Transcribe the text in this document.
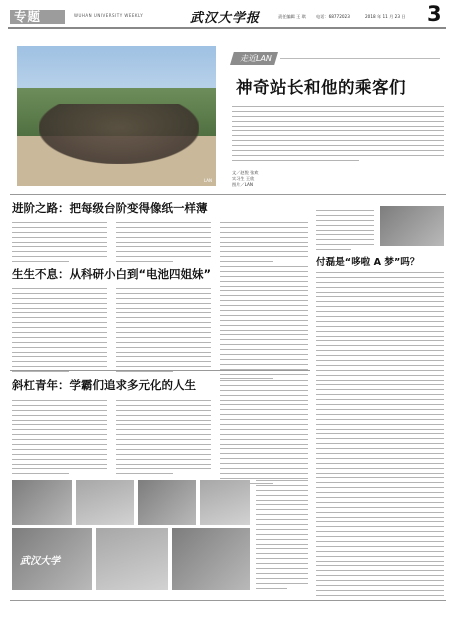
专题	WUHAN UNIVERSITY WEEKLY	武汉大学报	责任编辑 王 琪 电话：68772023	2018 年 11 月 23 日 3
LAN
走近LAN
神奇站长和他的乘客们
文／赵悦 张欢
实习生 王欣
图片／LAN
进阶之路：把每级台阶变得像纸一样薄
付磊是“哆啦 A 梦”吗？
生生不息：从科研小白到“电池四姐妹”
斜杠青年：学霸们追求多元化的人生
武汉大学
